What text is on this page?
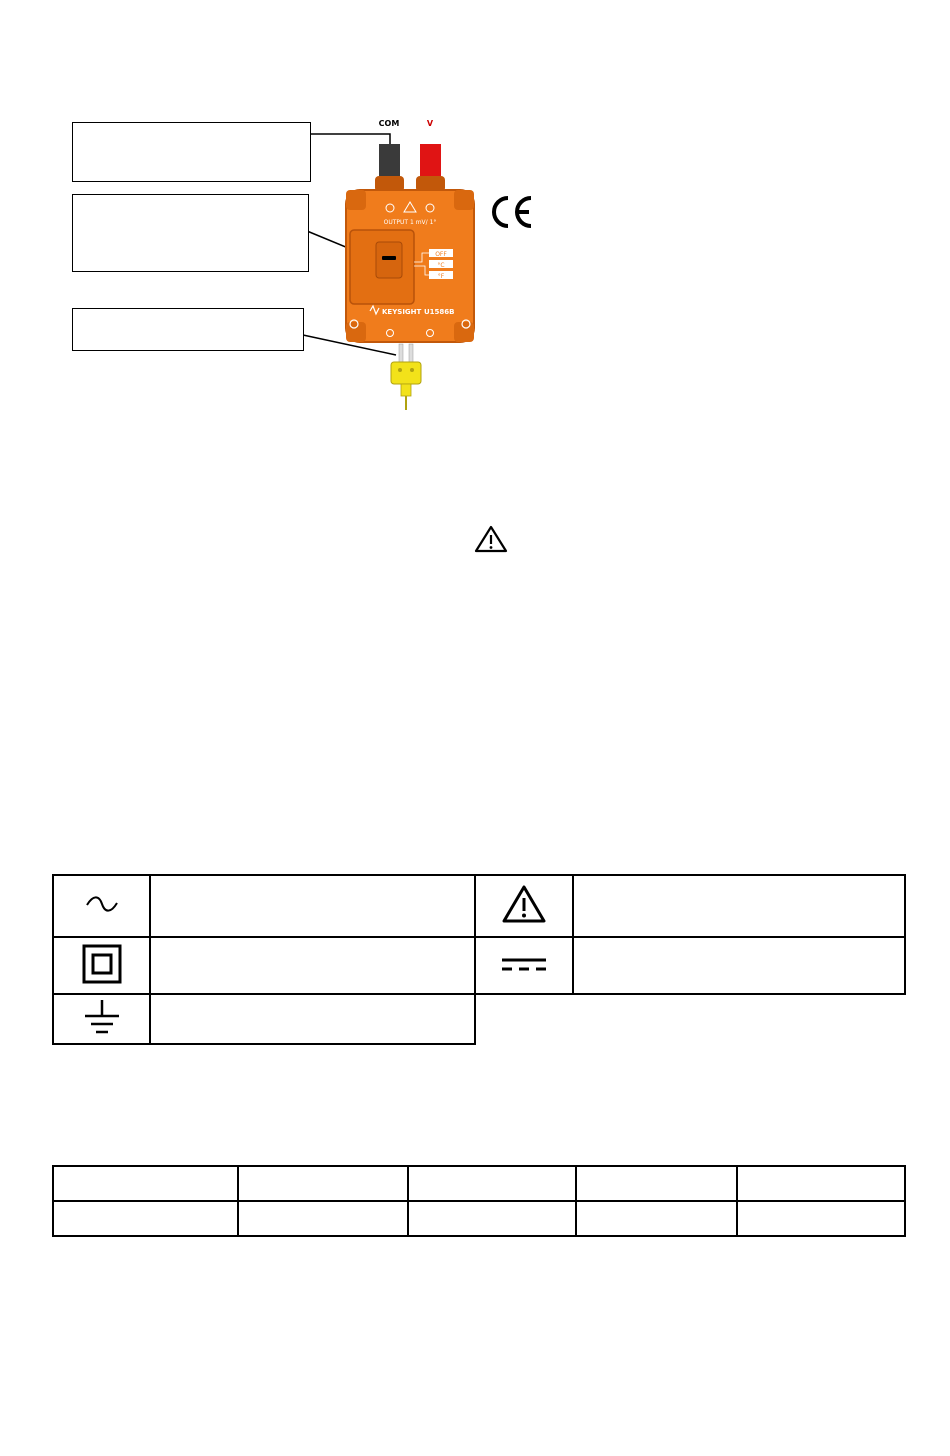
COM	V
OUTPUT 1 mV/ 1°
OFF
°C
°F
KEYSIGHT U1586B
